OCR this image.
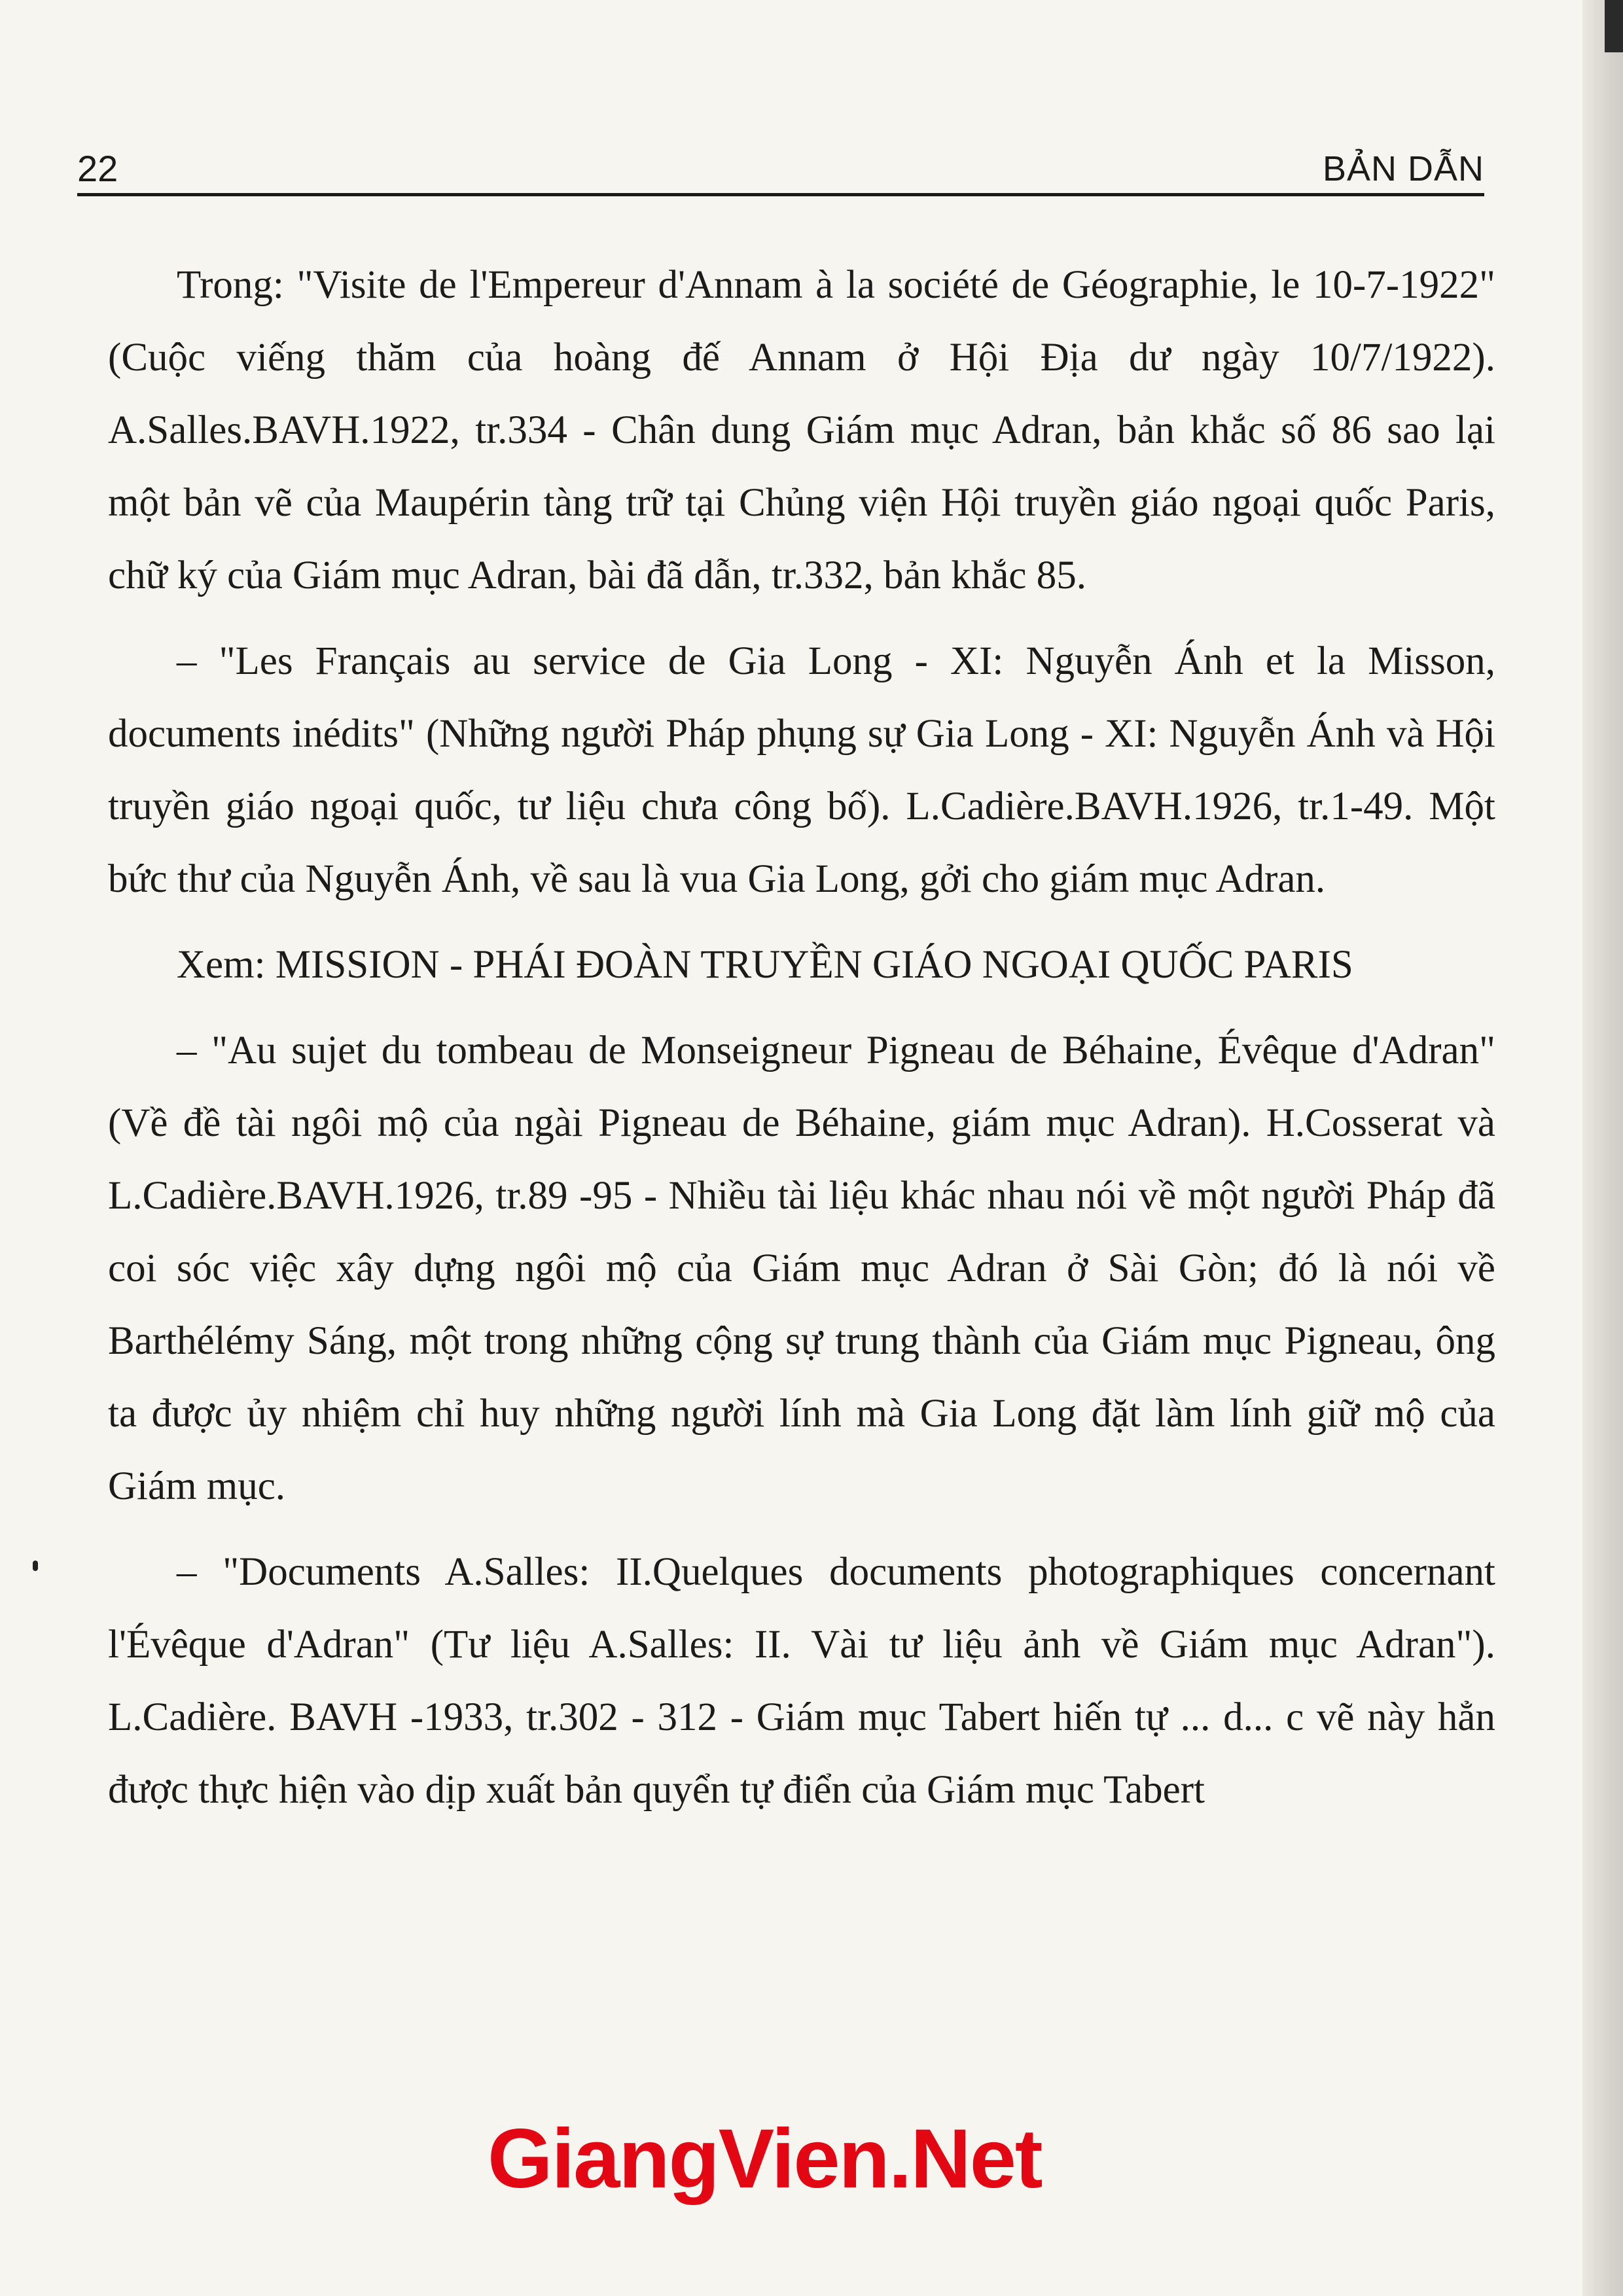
22	BẢN DẪN

Trong: "Visite de l'Empereur d'Annam à la société de Géographie, le 10-7-1922" (Cuộc viếng thăm của hoàng đế Annam ở Hội Địa dư ngày 10/7/1922). A.Salles.BAVH.1922, tr.334 - Chân dung Giám mục Adran, bản khắc số 86 sao lại một bản vẽ của Maupérin tàng trữ tại Chủng viện Hội truyền giáo ngoại quốc Paris, chữ ký của Giám mục Adran, bài đã dẫn, tr.332, bản khắc 85.

– "Les Français au service de Gia Long - XI: Nguyễn Ánh et la Misson, documents inédits" (Những người Pháp phụng sự Gia Long - XI: Nguyễn Ánh và Hội truyền giáo ngoại quốc, tư liệu chưa công bố). L.Cadière.BAVH.1926, tr.1-49. Một bức thư của Nguyễn Ánh, về sau là vua Gia Long, gởi cho giám mục Adran.

Xem: MISSION - PHÁI ĐOÀN TRUYỀN GIÁO NGOẠI QUỐC PARIS

– "Au sujet du tombeau de Monseigneur Pigneau de Béhaine, Évêque d'Adran" (Về đề tài ngôi mộ của ngài Pigneau de Béhaine, giám mục Adran). H.Cosserat và L.Cadière.BAVH.1926, tr.89 -95 - Nhiều tài liệu khác nhau nói về một người Pháp đã coi sóc việc xây dựng ngôi mộ của Giám mục Adran ở Sài Gòn; đó là nói về Barthélémy Sáng, một trong những cộng sự trung thành của Giám mục Pigneau, ông ta được ủy nhiệm chỉ huy những người lính mà Gia Long đặt làm lính giữ mộ của Giám mục.

– "Documents A.Salles: II.Quelques documents photographiques concernant l'Évêque d'Adran" (Tư liệu A.Salles: II. Vài tư liệu ảnh về Giám mục Adran"). L.Cadière. BAVH -1933, tr.302 - 312 - Giám mục Tabert hiến tự ... d... c vẽ này hẳn được thực hiện vào dịp xuất bản quyển tự điển của Giám mục Tabert

GiangVien.Net
